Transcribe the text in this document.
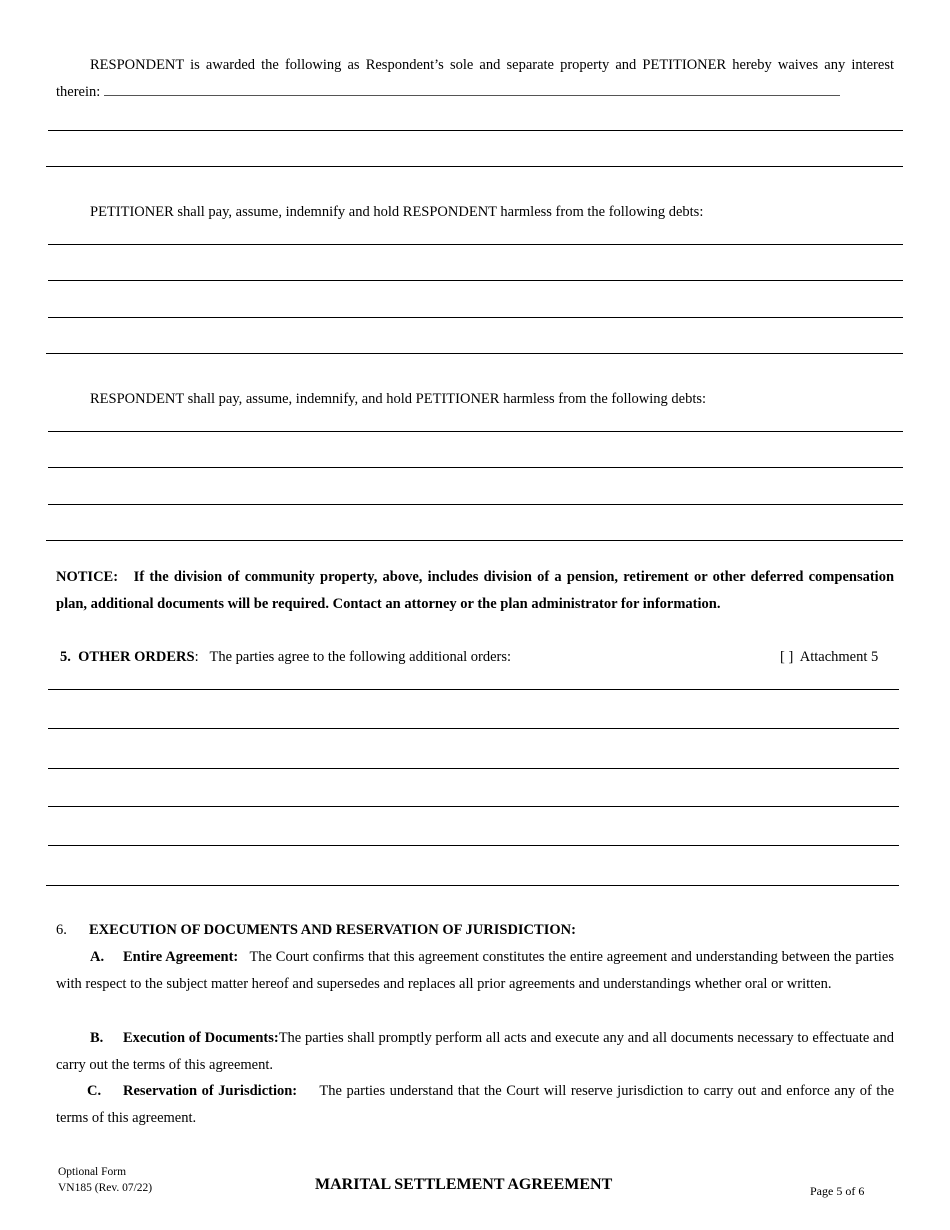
RESPONDENT is awarded the following as Respondent’s sole and separate property and PETITIONER hereby waives any interest therein:
PETITIONER shall pay, assume, indemnify and hold RESPONDENT harmless from the following debts:
RESPONDENT shall pay, assume, indemnify, and hold PETITIONER harmless from the following debts:
NOTICE: If the division of community property, above, includes division of a pension, retirement or other deferred compensation plan, additional documents will be required. Contact an attorney or the plan administrator for information.
5. OTHER ORDERS:   The parties agree to the following additional orders:	[ ] Attachment 5
6. EXECUTION OF DOCUMENTS AND RESERVATION OF JURISDICTION:
A. Entire Agreement: The Court confirms that this agreement constitutes the entire agreement and understanding between the parties with respect to the subject matter hereof and supersedes and replaces all prior agreements and understandings whether oral or written.
B. Execution of Documents:The parties shall promptly perform all acts and execute any and all documents necessary to effectuate and carry out the terms of this agreement.
C. Reservation of Jurisdiction: The parties understand that the Court will reserve jurisdiction to carry out and enforce any of the terms of this agreement.
Optional Form
VN185 (Rev. 07/22)	MARITAL SETTLEMENT AGREEMENT	Page 5 of 6
